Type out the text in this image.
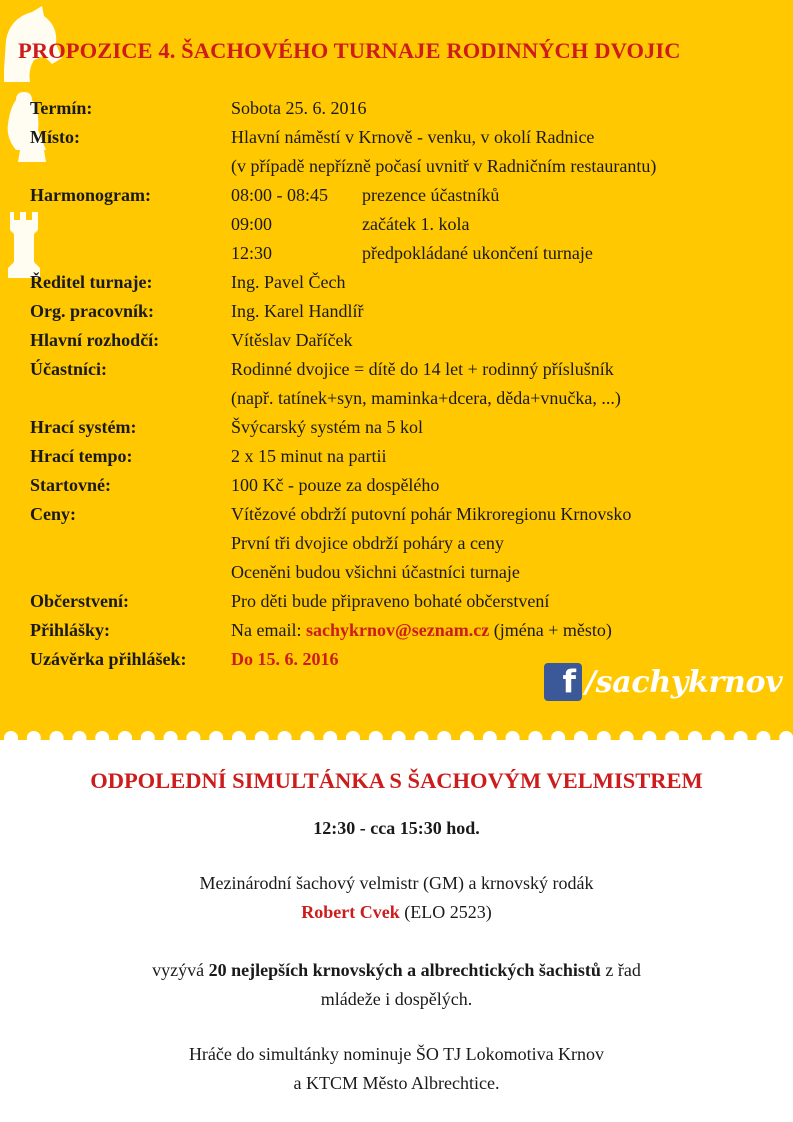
PROPOZICE 4. ŠACHOVÉHO TURNAJE RODINNÝCH DVOJIC
Termín:	Sobota 25. 6. 2016
Místo:	Hlavní náměstí v Krnově - venku, v okolí Radnice
(v případě nepřízně počasí uvnitř v Radničním restaurantu)
Harmonogram:	08:00 - 08:45 prezence účastníků
09:00	začátek 1. kola
12:30	předpokládané ukončení turnaje
Ředitel turnaje:	Ing. Pavel Čech
Org. pracovník:	Ing. Karel Handlíř
Hlavní rozhodčí:	Vítěslav Daříček
Účastníci:	Rodinné dvojice = dítě do 14 let + rodinný příslušník
(např. tatínek+syn, maminka+dcera, děda+vnučka, ...)
Hrací systém:	Švýcarský systém na 5 kol
Hrací tempo:	2 x 15 minut na partii
Startovné:	100 Kč - pouze za dospělého
Ceny:	Vítězové obdrží putovní pohár Mikroregionu Krnovsko
První tři dvojice obdrží poháry a ceny
Oceněni budou všichni účastníci turnaje
Občerstvení:	Pro děti bude připraveno bohaté občerstvení
Přihlášky:	Na email: sachykrnov@seznam.cz (jména + město)
Uzávěrka přihlášek:	Do 15. 6. 2016
f /sachykrnov
ODPOLEDNÍ SIMULTÁNKA S ŠACHOVÝM VELMISTREM
12:30 - cca 15:30 hod.
Mezinárodní šachový velmistr (GM) a krnovský rodák
Robert Cvek (ELO 2523)
vyzývá 20 nejlepších krnovských a albrechtických šachistů z řad
mládeže i dospělých.
Hráče do simultánky nominuje ŠO TJ Lokomotiva Krnov
a KTCM Město Albrechtice.
